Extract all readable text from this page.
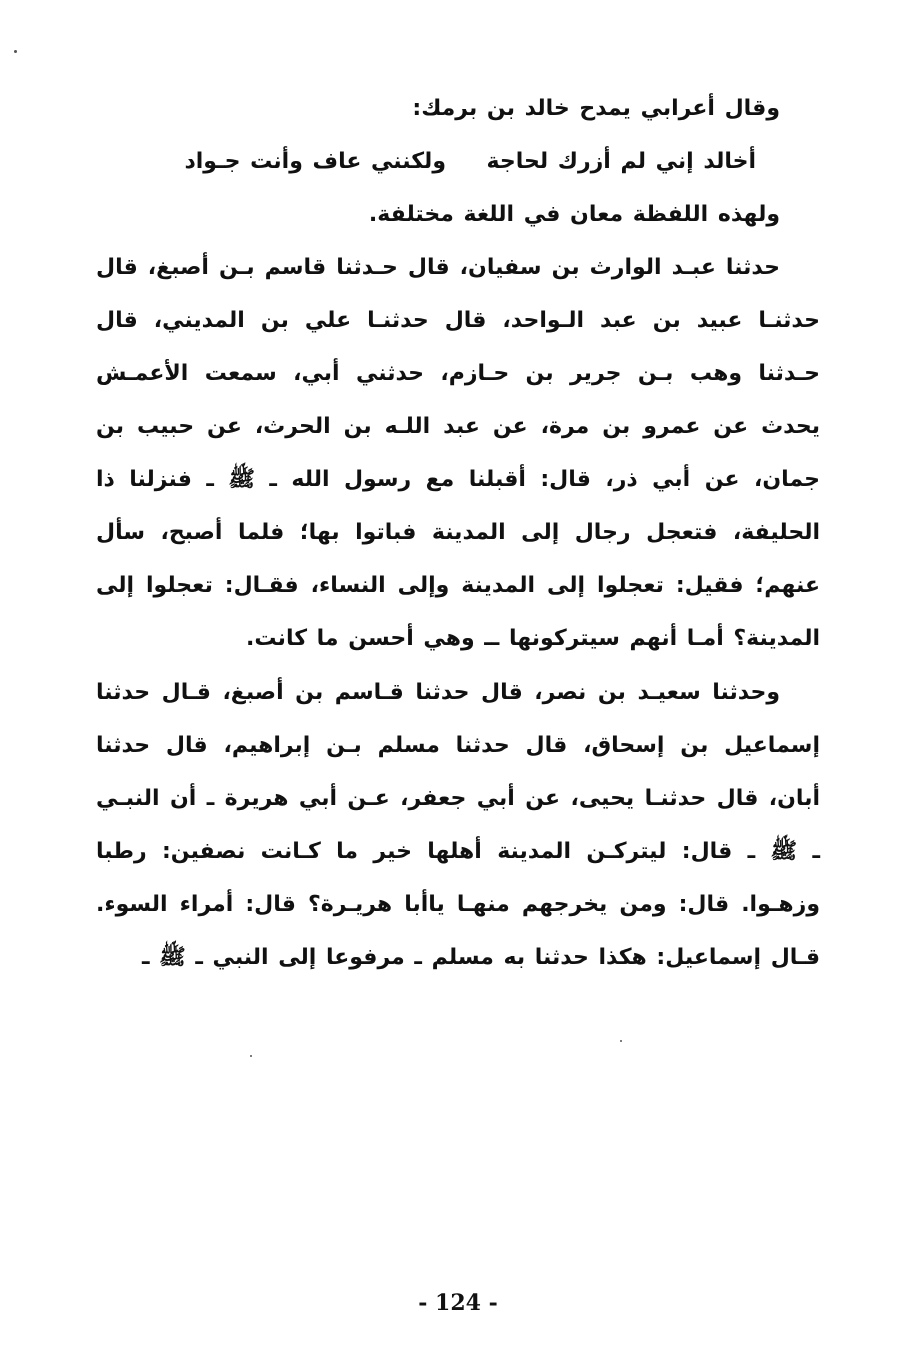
وقال أعرابي يمدح خالد بن برمك:
أخالد إني لم أزرك لحاجة
ولكنني عاف وأنت جـواد
ولهذه اللفظة معان في اللغة مختلفة.

حدثنا عبـد الوارث بن سفيان، قال حـدثنا قاسم بـن أصبغ، قال حدثنـا عبيد بن عبد الـواحد، قال حدثنـا علي بن المديني، قال حـدثنا وهب بـن جرير بن حـازم، حدثني أبي، سمعت الأعمـش يحدث عن عمرو بن مرة، عن عبد اللـه بن الحرث، عن حبيب بن جمان، عن أبي ذر، قال: أقبلنا مع رسول الله ـ ﷺ ـ فنزلنا ذا الحليفة، فتعجل رجال إلى المدينة فباتوا بها؛ فلما أصبح، سأل عنهم؛ فقيل: تعجلوا إلى المدينة وإلى النساء، فقـال: تعجلوا إلى المدينة؟ أمـا أنهم سيتركونها ــ وهي أحسن ما كانت.

وحدثنا سعيـد بن نصر، قال حدثنا قـاسم بن أصبغ، قـال حدثنا إسماعيل بن إسحاق، قال حدثنا مسلم بـن إبراهيم، قال حدثنا أبان، قال حدثنـا يحيى، عن أبي جعفر، عـن أبي هريرة ـ أن النبـي ـ ﷺ ـ قال: ليتركـن المدينة أهلها خير ما كـانت نصفين: رطبا وزهـوا. قال: ومن يخرجهم منهـا ياأبا هريـرة؟ قال: أمراء السوء. قـال إسماعيل: هكذا حدثنا به مسلم ـ مرفوعا إلى النبي ـ ﷺ ـ

- 124 -
